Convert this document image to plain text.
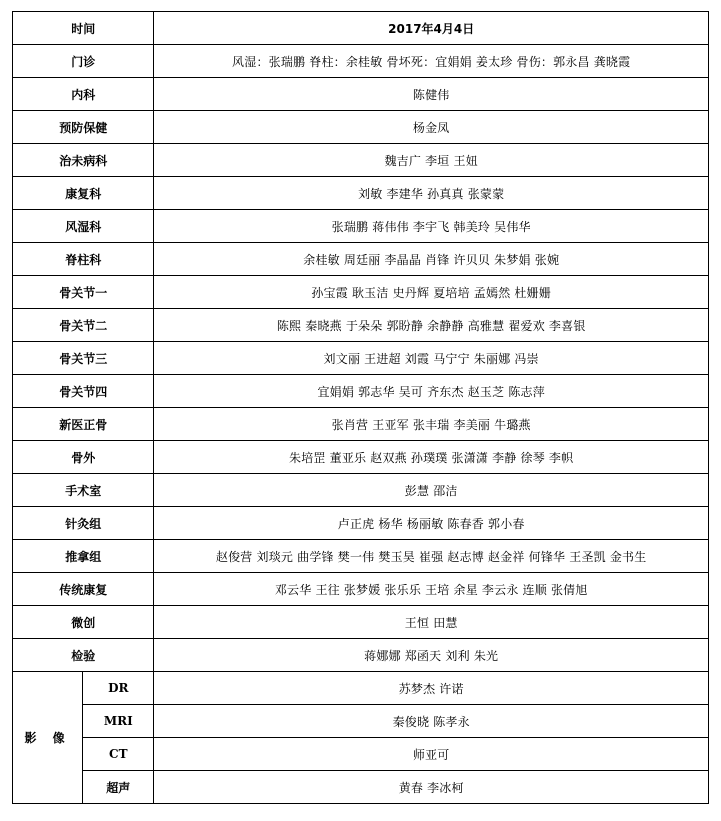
时间		2017年4月4日
门诊		风湿：张瑞鹏 脊柱：余桂敏 骨坏死：宜娟娟 姜太珍 骨伤：郭永昌 龚晓霞
内科		陈健伟
预防保健		杨金凤
治未病科		魏吉广 李垣 王妞
康复科		刘敏 李建华 孙真真 张蒙蒙
风湿科		张瑞鹏 蒋伟伟 李宇飞 韩美玲 吴伟华
脊柱科		余桂敏 周廷丽 李晶晶 肖锋 许贝贝 朱梦娟 张婉
骨关节一		孙宝霞 耿玉洁 史丹辉 夏培培 孟嫣然 杜姗姗
骨关节二		陈熙 秦晓燕 于朵朵 郭盼静 余静静 高雅慧 翟爱欢 李喜银
骨关节三		刘文丽 王进超 刘霞 马宁宁 朱丽娜 冯崇
骨关节四		宜娟娟 郭志华 吴可 齐东杰 赵玉芝 陈志萍
新医正骨		张肖营 王亚军 张丰瑞 李美丽 牛璐燕
骨外		朱培罡 董亚乐 赵双燕 孙璞璞 张潇潇 李静 徐琴 李帜
手术室		彭慧 邵洁
针灸组		卢正虎 杨华 杨丽敏 陈春香 郭小春
推拿组		赵俊营 刘琰元 曲学锋 樊一伟 樊玉昊 崔强 赵志博 赵金祥 何锋华 王圣凯 金书生
传统康复		邓云华 王往 张梦媛 张乐乐 王培 余星 李云永 连顺 张倩旭
微创		王恒 田慧
检验		蒋娜娜 郑函天 刘利 朱光
影 像	DR	苏梦杰 许诺
	MRI	秦俊晓 陈孝永
	CT	师亚可
	超声	黄春 李冰柯
